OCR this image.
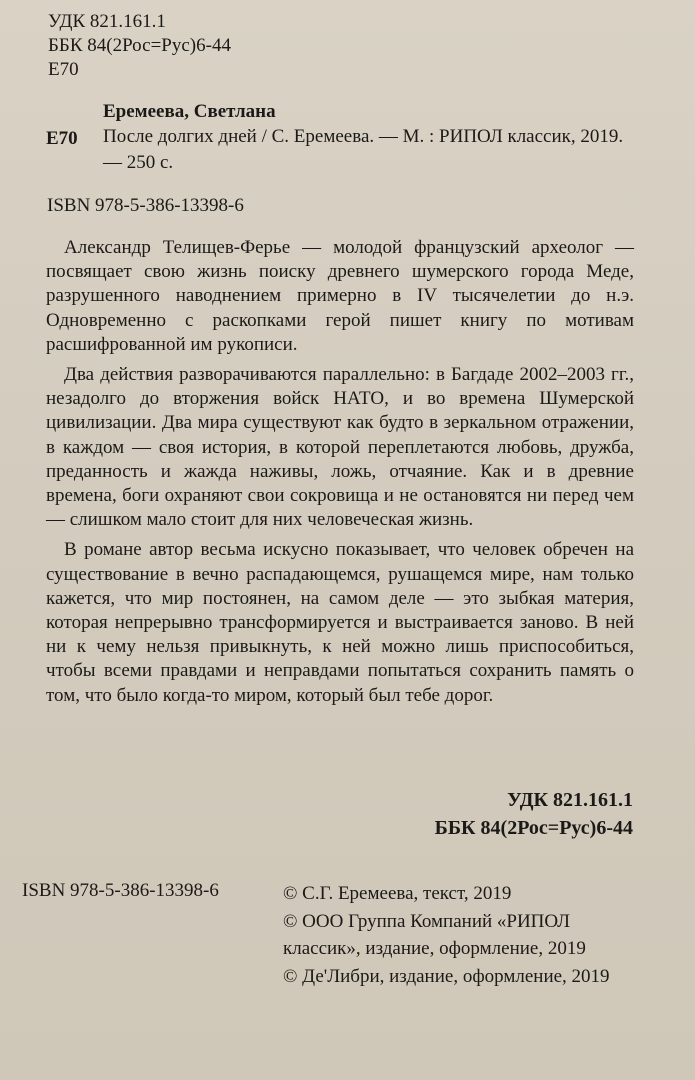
УДК 821.161.1
ББК 84(2Рос=Рус)6-44
Е70
Еремеева, Светлана
Е70 После долгих дней / С. Еремеева. — М. : РИПОЛ классик, 2019. — 250 с.
ISBN 978-5-386-13398-6

Александр Телищев-Ферье — молодой французский археолог — посвящает свою жизнь поиску древнего шумерского города Меде, разрушенного наводнением примерно в IV тысячелетии до н.э. Одновременно с раскопками герой пишет книгу по мотивам расшифрованной им рукописи.

Два действия разворачиваются параллельно: в Багдаде 2002–2003 гг., незадолго до вторжения войск НАТО, и во времена Шумерской цивилизации. Два мира существуют как будто в зеркальном отражении, в каждом — своя история, в которой переплетаются любовь, дружба, преданность и жажда наживы, ложь, отчаяние. Как и в древние времена, боги охраняют свои сокровища и не остановятся ни перед чем — слишком мало стоит для них человеческая жизнь.

В романе автор весьма искусно показывает, что человек обречен на существование в вечно распадающемся, рушащемся мире, нам только кажется, что мир постоянен, на самом деле — это зыбкая материя, которая непрерывно трансформируется и выстраивается заново. В ней ни к чему нельзя привыкнуть, к ней можно лишь приспособиться, чтобы всеми правдами и неправдами попытаться сохранить память о том, что было когда-то миром, который был тебе дорог.

УДК 821.161.1
ББК 84(2Рос=Рус)6-44
ISBN 978-5-386-13398-6	© С.Г. Еремеева, текст, 2019
© ООО Группа Компаний «РИПОЛ классик», издание, оформление, 2019
© Де'Либри, издание, оформление, 2019
